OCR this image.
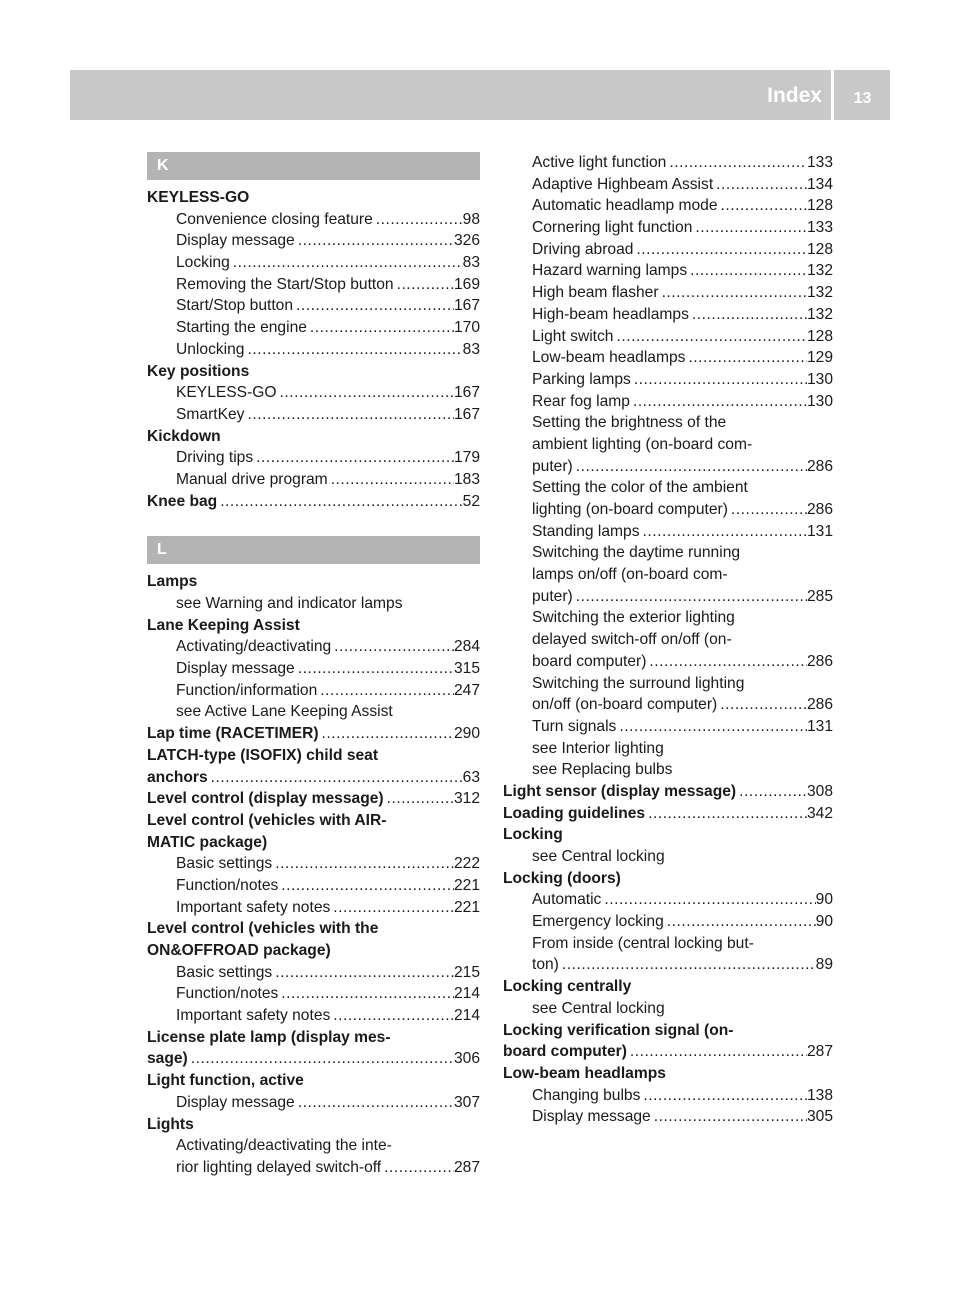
Index	13
K
KEYLESS-GO
Convenience closing feature . . .	98
Display message . . .	326
Locking . . .	83
Removing the Start/Stop button . . .	169
Start/Stop button . . .	167
Starting the engine . . .	170
Unlocking . . .	83
Key positions
KEYLESS-GO . . .	167
SmartKey . . .	167
Kickdown
Driving tips . . .	179
Manual drive program . . .	183
Knee bag . . .	52
L
Lamps
see Warning and indicator lamps
Lane Keeping Assist
Activating/deactivating . . .	284
Display message . . .	315
Function/information . . .	247
see Active Lane Keeping Assist
Lap time (RACETIMER) . . .	290
LATCH-type (ISOFIX) child seat
anchors . . .	63
Level control (display message) . . .	312
Level control (vehicles with AIR-
MATIC package)
Basic settings . . .	222
Function/notes . . .	221
Important safety notes . . .	221
Level control (vehicles with the
ON&OFFROAD package)
Basic settings . . .	215
Function/notes . . .	214
Important safety notes . . .	214
License plate lamp (display mes-
sage) . . .	306
Light function, active
Display message . . .	307
Lights
Activating/deactivating the inte-
rior lighting delayed switch-off . . .	287
Active light function . . .	133
Adaptive Highbeam Assist . . .	134
Automatic headlamp mode . . .	128
Cornering light function . . .	133
Driving abroad . . .	128
Hazard warning lamps . . .	132
High beam flasher . . .	132
High-beam headlamps . . .	132
Light switch . . .	128
Low-beam headlamps . . .	129
Parking lamps . . .	130
Rear fog lamp . . .	130
Setting the brightness of the
ambient lighting (on-board com-
puter) . . .	286
Setting the color of the ambient
lighting (on-board computer) . . .	286
Standing lamps . . .	131
Switching the daytime running
lamps on/off (on-board com-
puter) . . .	285
Switching the exterior lighting
delayed switch-off on/off (on-
board computer) . . .	286
Switching the surround lighting
on/off (on-board computer) . . .	286
Turn signals . . .	131
see Interior lighting
see Replacing bulbs
Light sensor (display message) . . .	308
Loading guidelines . . .	342
Locking
see Central locking
Locking (doors)
Automatic . . .	90
Emergency locking . . .	90
From inside (central locking but-
ton) . . .	89
Locking centrally
see Central locking
Locking verification signal (on-
board computer) . . .	287
Low-beam headlamps
Changing bulbs . . .	138
Display message . . .	305
